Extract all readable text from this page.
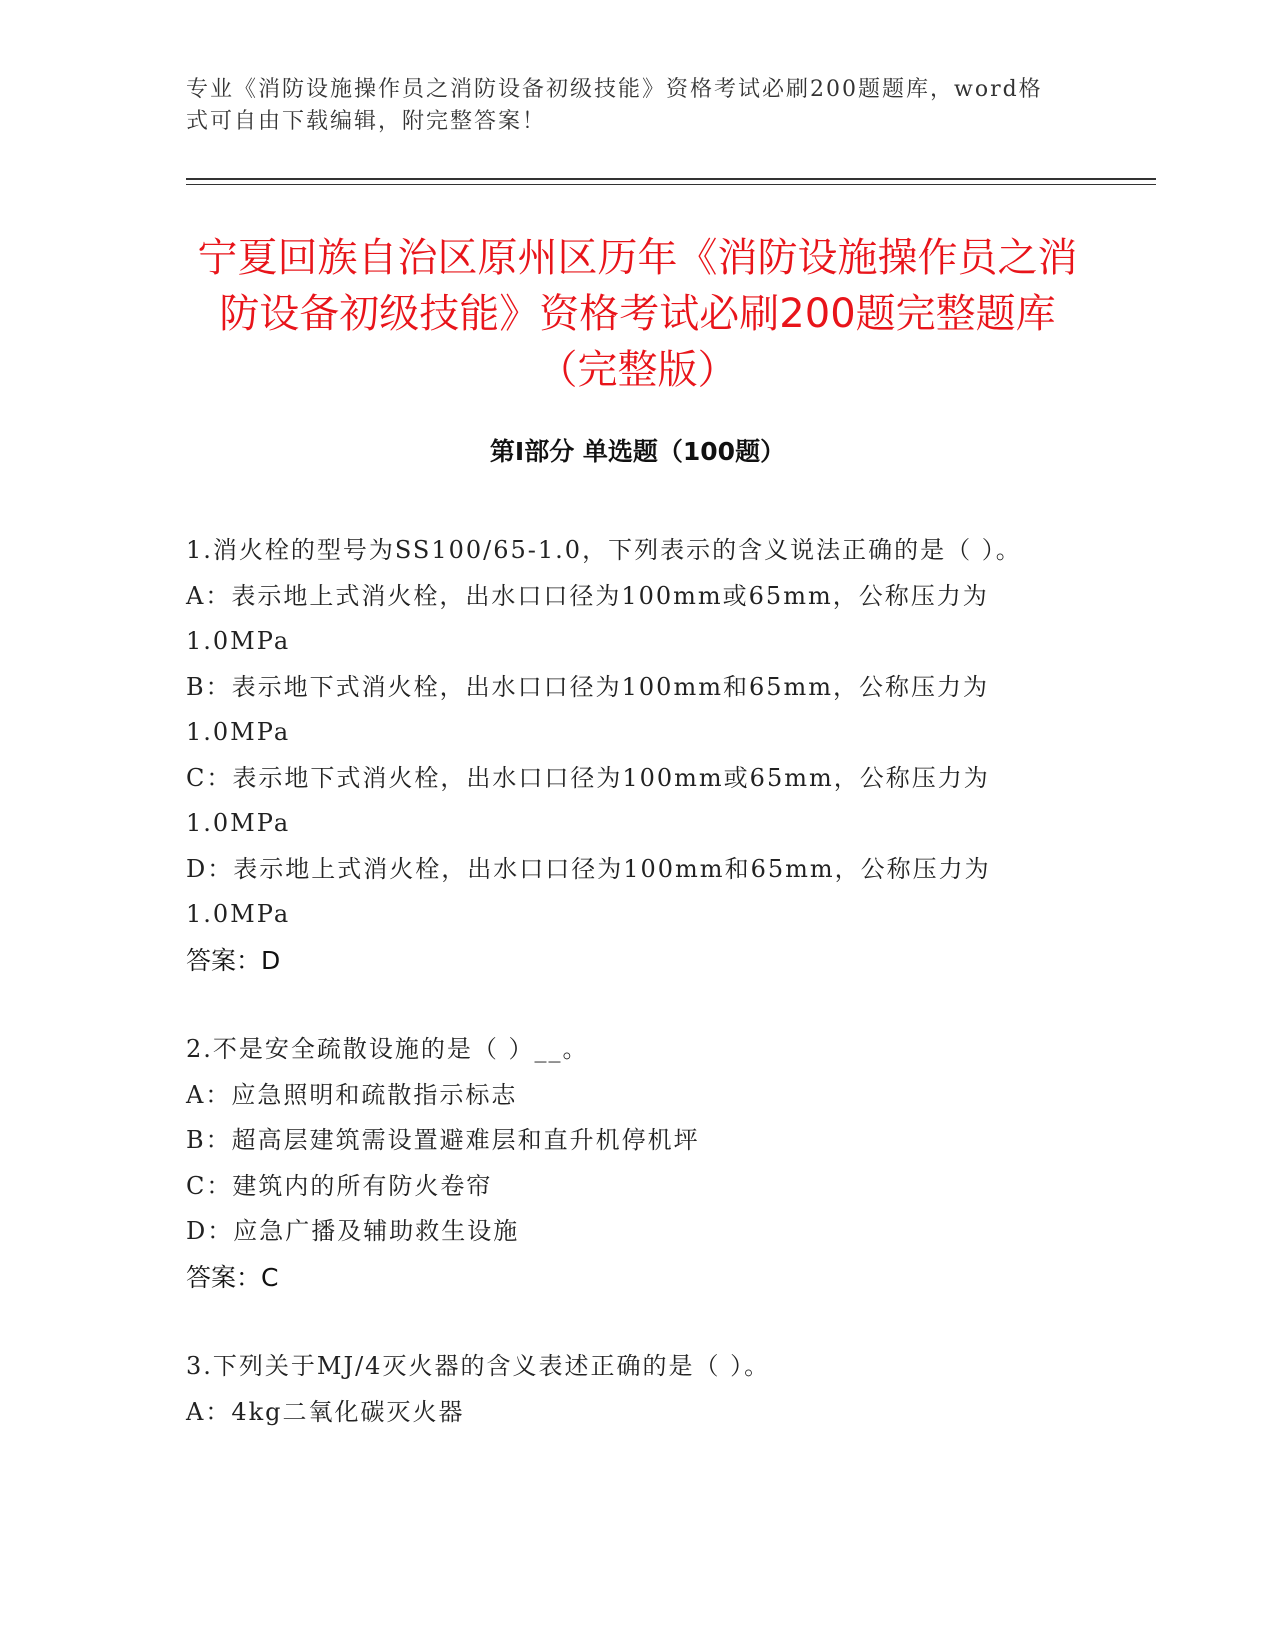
专业《消防设施操作员之消防设备初级技能》资格考试必刷200题题库，word格式可自由下载编辑，附完整答案！
宁夏回族自治区原州区历年《消防设施操作员之消防设备初级技能》资格考试必刷200题完整题库（完整版）
第Ⅰ部分 单选题（100题）
1.消火栓的型号为SS100/65-1.0，下列表示的含义说法正确的是（ ）。
A：表示地上式消火栓，出水口口径为100mm或65mm，公称压力为1.0MPa
B：表示地下式消火栓，出水口口径为100mm和65mm，公称压力为1.0MPa
C：表示地下式消火栓，出水口口径为100mm或65mm，公称压力为1.0MPa
D：表示地上式消火栓，出水口口径为100mm和65mm，公称压力为1.0MPa
答案：D
2.不是安全疏散设施的是（ ）__。
A：应急照明和疏散指示标志
B：超高层建筑需设置避难层和直升机停机坪
C：建筑内的所有防火卷帘
D：应急广播及辅助救生设施
答案：C
3.下列关于MJ/4灭火器的含义表述正确的是（ ）。
A：4kg二氧化碳灭火器
